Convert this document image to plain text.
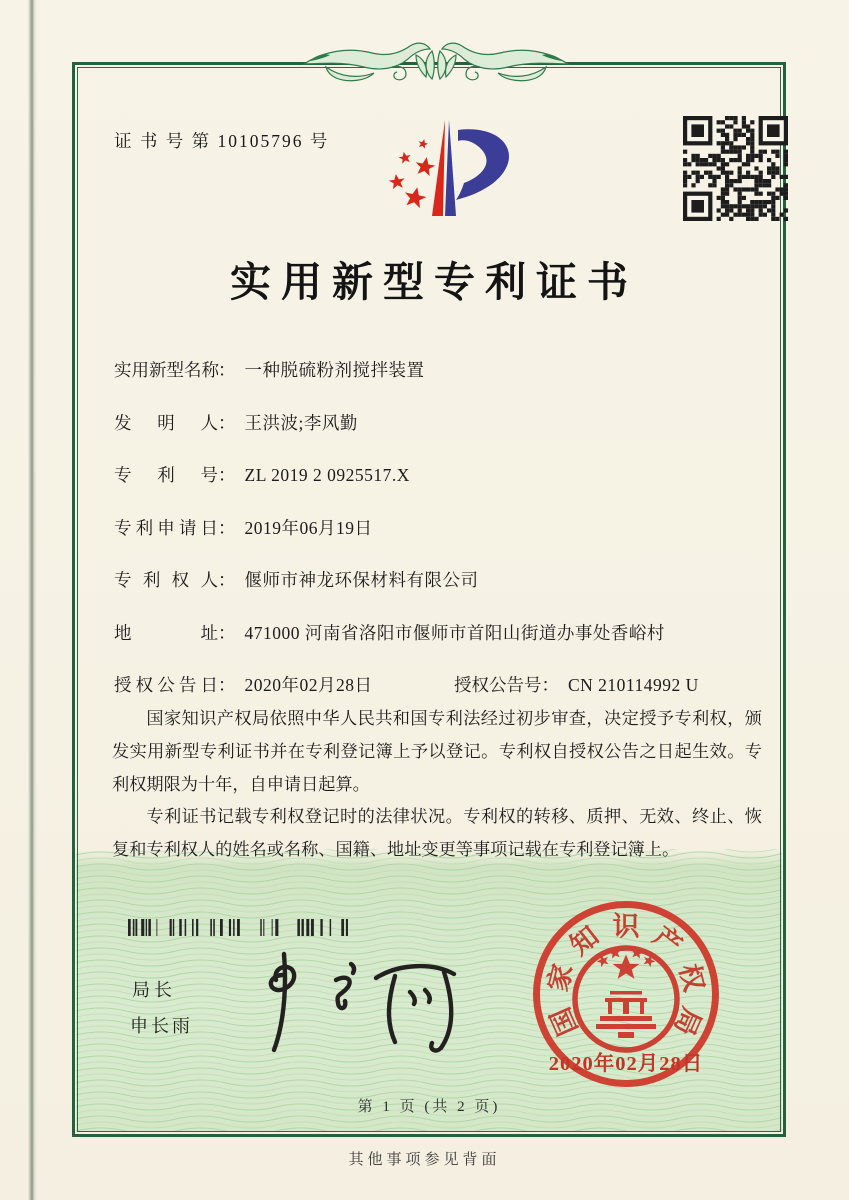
证 书 号 第 10105796 号
实用新型专利证书
实用新型名称 ： 一种脱硫粉剂搅拌装置
发明人 ： 王洪波;李风勤
专利号 ： ZL 2019 2 0925517.X
专利申请日 ： 2019年06月19日
专利权人 ： 偃师市神龙环保材料有限公司
地址 ： 471000 河南省洛阳市偃师市首阳山街道办事处香峪村
授权公告日 ： 2020年02月28日	授权公告号 ： CN 210114992 U

国家知识产权局依照中华人民共和国专利法经过初步审查，决定授予专利权，颁发实用新型专利证书并在专利登记簿上予以登记。专利权自授权公告之日起生效。专利权期限为十年，自申请日起算。

专利证书记载专利权登记时的法律状况。专利权的转移、质押、无效、终止、恢复和专利权人的姓名或名称、国籍、地址变更等事项记载在专利登记簿上。

局长
申长雨	国
家
知 识 产
权
局
2020年02月28日
第 1 页 (共 2 页)
其他事项参见背面
